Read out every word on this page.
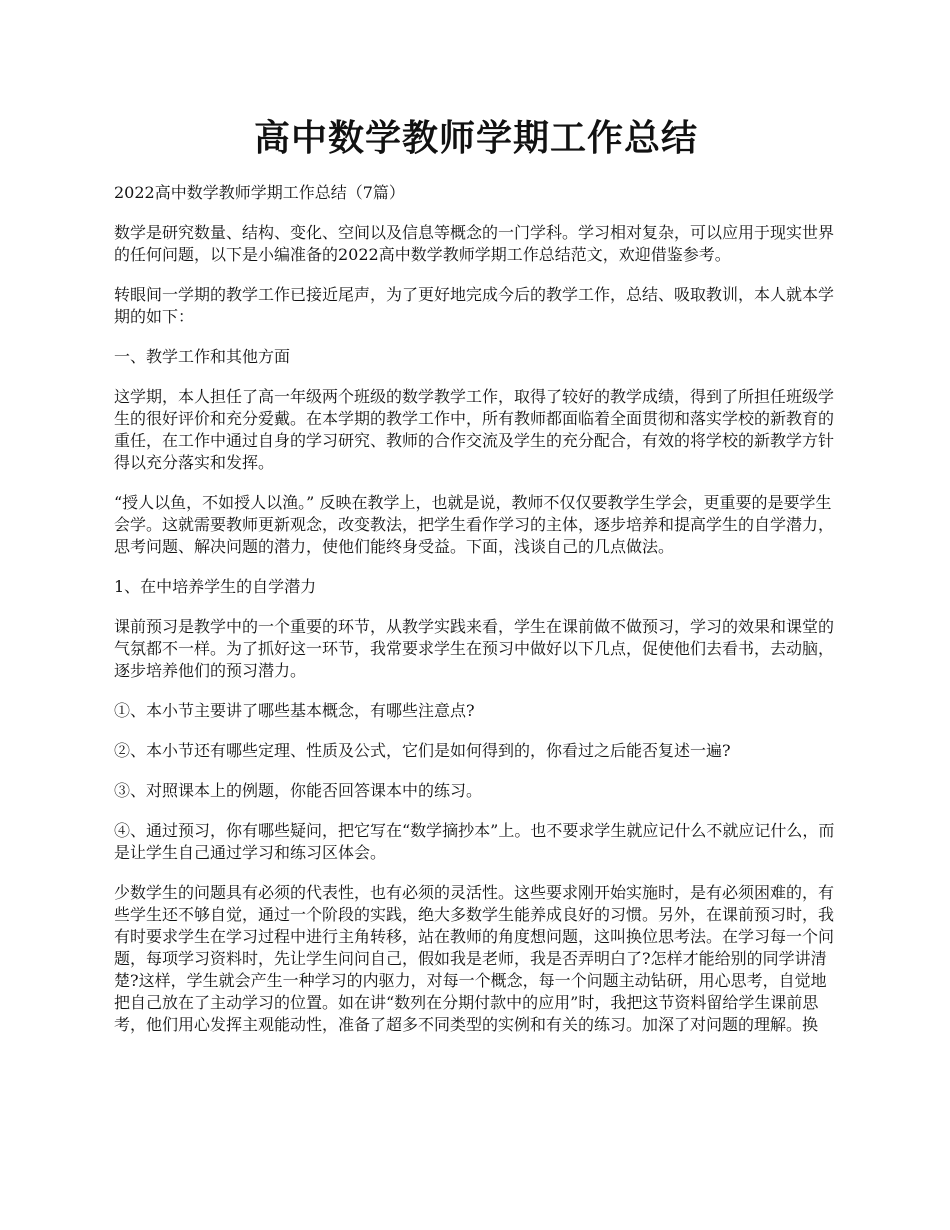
高中数学教师学期工作总结

2022高中数学教师学期工作总结（7篇）

数学是研究数量、结构、变化、空间以及信息等概念的一门学科。学习相对复杂，可以应用于现实世界的任何问题，以下是小编准备的2022高中数学教师学期工作总结范文，欢迎借鉴参考。

转眼间一学期的教学工作已接近尾声，为了更好地完成今后的教学工作，总结、吸取教训，本人就本学期的如下：

一、教学工作和其他方面

这学期，本人担任了高一年级两个班级的数学教学工作，取得了较好的教学成绩，得到了所担任班级学生的很好评价和充分爱戴。在本学期的教学工作中，所有教师都面临着全面贯彻和落实学校的新教育的重任，在工作中通过自身的学习研究、教师的合作交流及学生的充分配合，有效的将学校的新教学方针得以充分落实和发挥。

“授人以鱼，不如授人以渔。” 反映在教学上，也就是说，教师不仅仅要教学生学会，更重要的是要学生会学。这就需要教师更新观念，改变教法，把学生看作学习的主体，逐步培养和提高学生的自学潜力，思考问题、解决问题的潜力，使他们能终身受益。下面，浅谈自己的几点做法。

1、在中培养学生的自学潜力

课前预习是教学中的一个重要的环节，从教学实践来看，学生在课前做不做预习，学习的效果和课堂的气氛都不一样。为了抓好这一环节，我常要求学生在预习中做好以下几点，促使他们去看书，去动脑，逐步培养他们的预习潜力。

①、本小节主要讲了哪些基本概念，有哪些注意点?

②、本小节还有哪些定理、性质及公式，它们是如何得到的，你看过之后能否复述一遍?

③、对照课本上的例题，你能否回答课本中的练习。

④、通过预习，你有哪些疑问，把它写在“数学摘抄本”上。也不要求学生就应记什么不就应记什么，而是让学生自己通过学习和练习区体会。

少数学生的问题具有必须的代表性，也有必须的灵活性。这些要求刚开始实施时，是有必须困难的，有些学生还不够自觉，通过一个阶段的实践，绝大多数学生能养成良好的习惯。另外，在课前预习时，我有时要求学生在学习过程中进行主角转移，站在教师的角度想问题，这叫换位思考法。在学习每一个问题，每项学习资料时，先让学生问问自己，假如我是老师，我是否弄明白了?怎样才能给别的同学讲清楚?这样，学生就会产生一种学习的内驱力，对每一个概念，每一个问题主动钻研，用心思考，自觉地把自己放在了主动学习的位置。如在讲“数列在分期付款中的应用”时，我把这节资料留给学生课前思考，他们用心发挥主观能动性，准备了超多不同类型的实例和有关的练习。加深了对问题的理解。换
